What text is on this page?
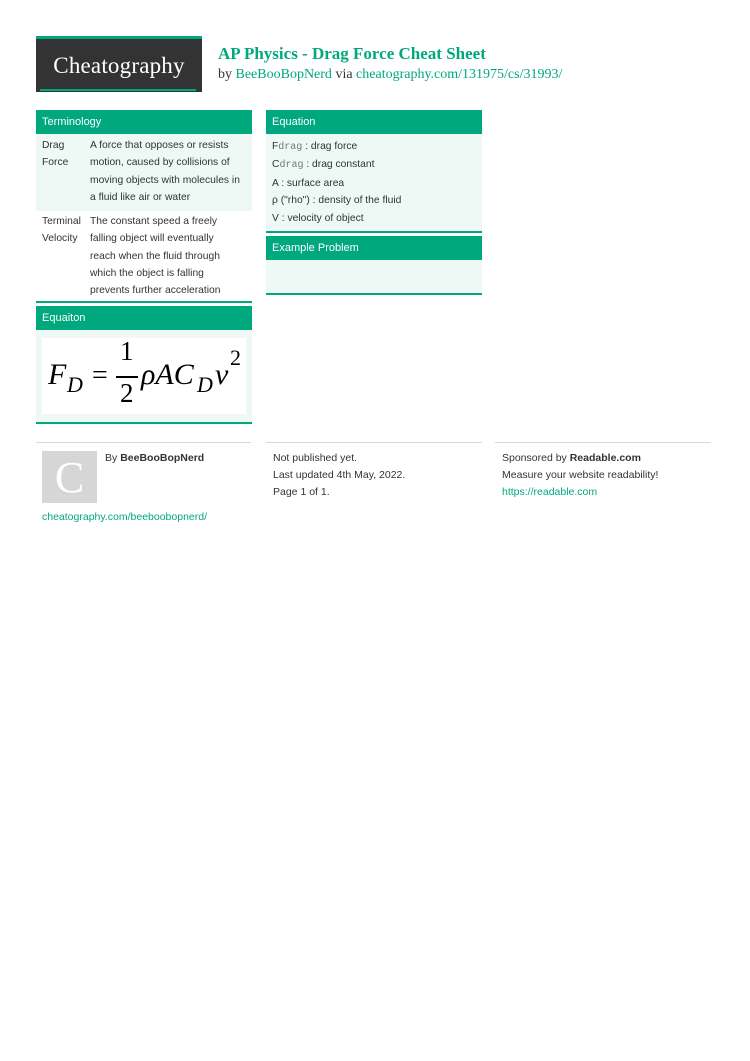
Cheatography AP Physics - Drag Force Cheat Sheet
by BeeBooBopNerd via cheatography.com/131975/cs/31993/
Terminology
Drag Force
A force that opposes or resists motion, caused by collisions of moving objects with molecules in a fluid like air or water
Terminal Velocity
The constant speed a freely falling object will eventually reach when the fluid through which the object is falling prevents further acceleration
Equation
Fdrag : drag force
Cdrag : drag constant
A : surface area
ρ ("rho") : density of the fluid
V : velocity of object
Example Problem
Equaiton
F D =
1
2
ρAC D v
2
C By BeeBooBopNerd
cheatography.com/beeboobopnerd/
Not published yet.
Last updated 4th May, 2022.
Page 1 of 1.
Sponsored by Readable.com
Measure your website readability!
https://readable.com
